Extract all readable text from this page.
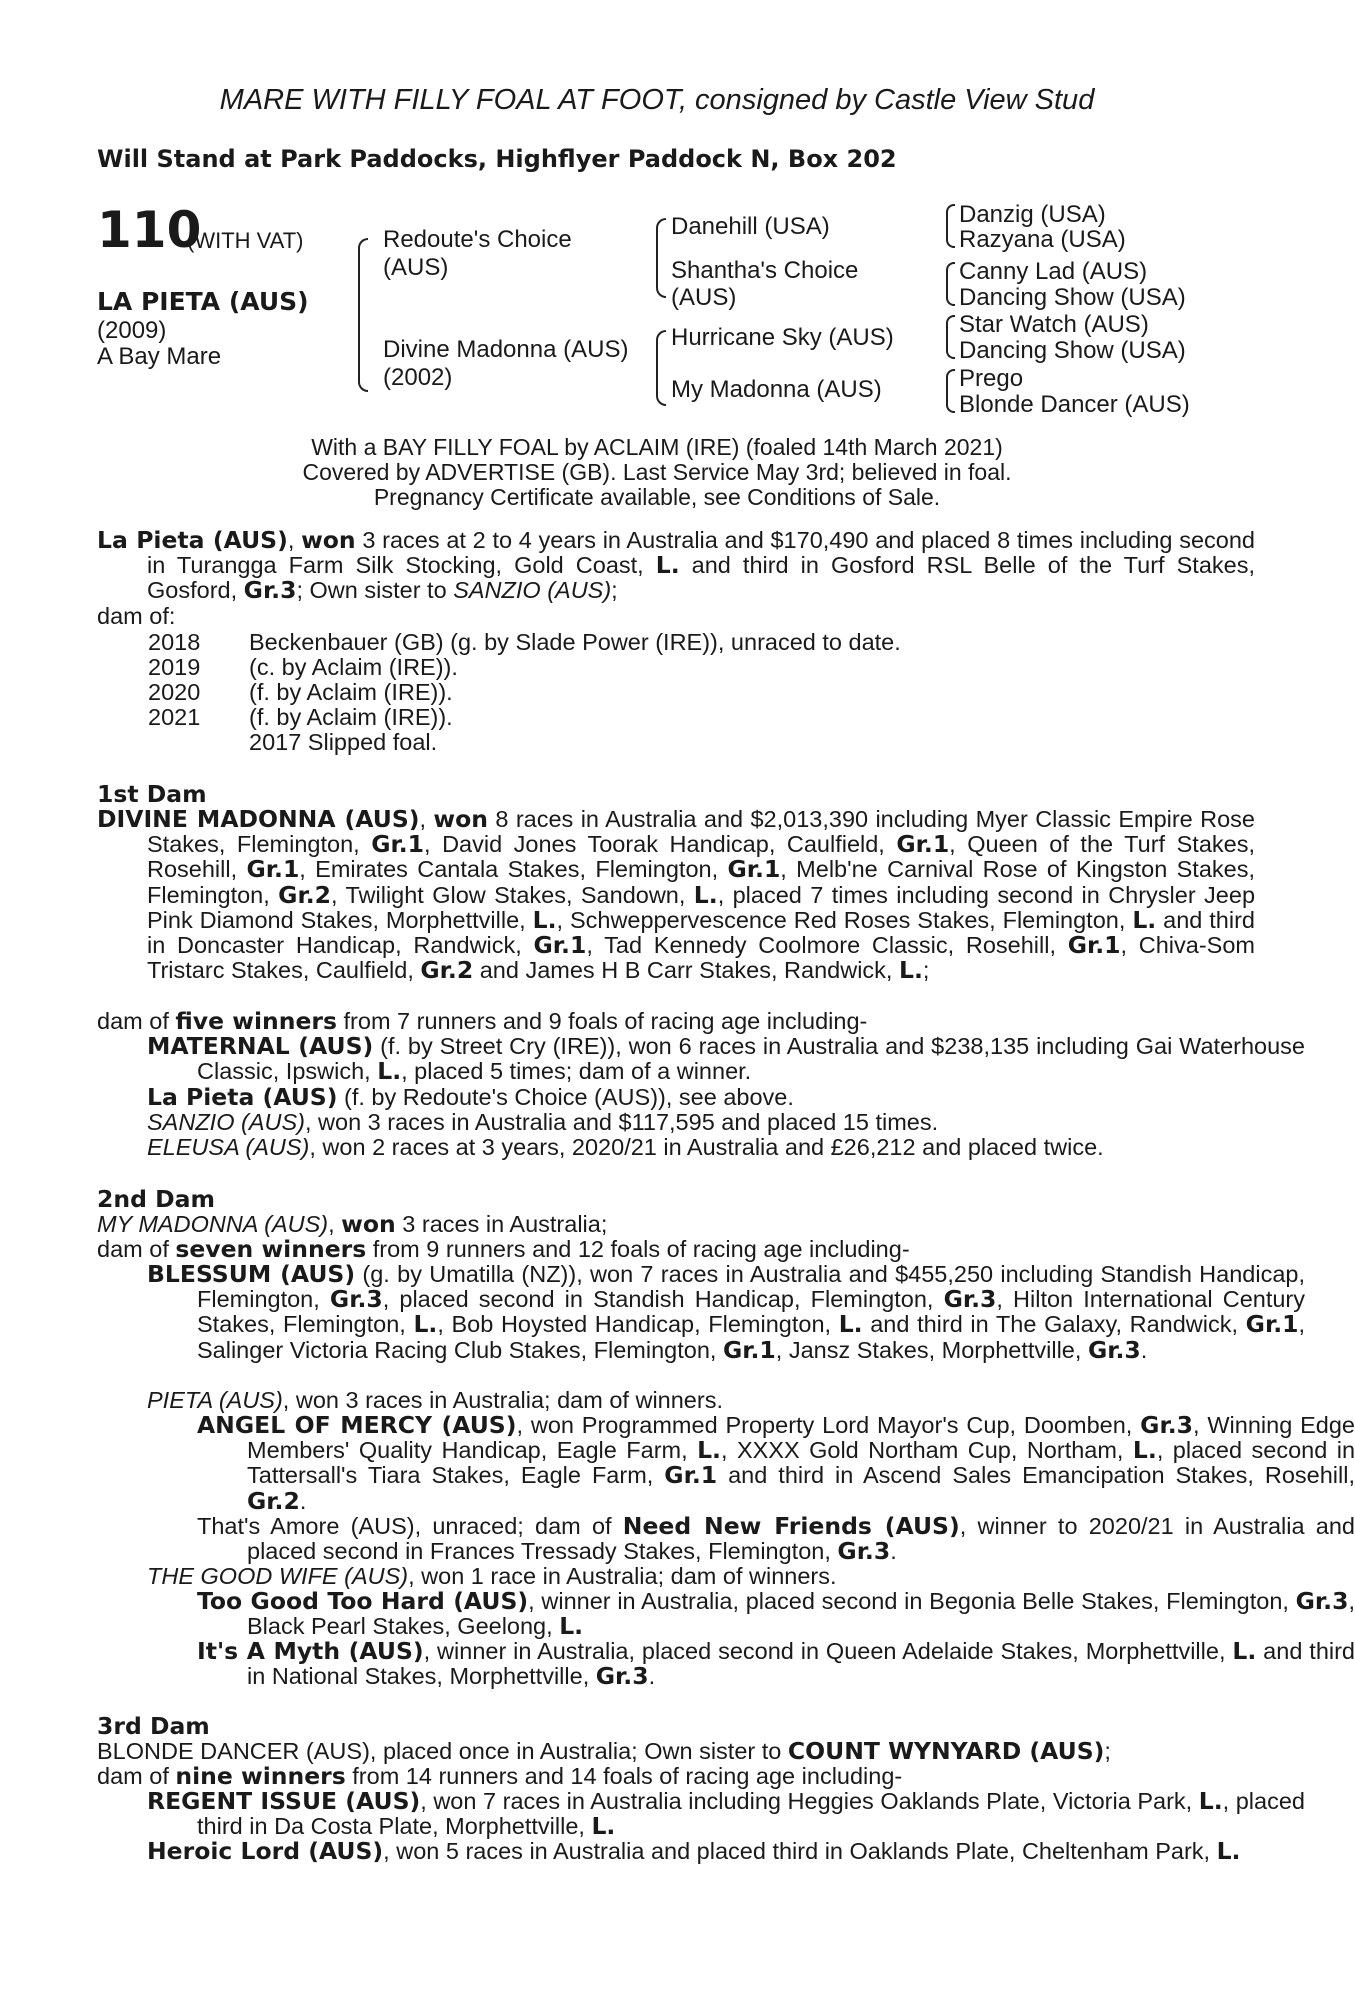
MARE WITH FILLY FOAL AT FOOT, consigned by Castle View Stud
Will Stand at Park Paddocks, Highflyer Paddock N, Box 202
110
(WITH VAT)
LA PIETA (AUS)
(2009)
A Bay Mare
Redoute's Choice
(AUS)
Divine Madonna (AUS)
(2002)
Danehill (USA)
Shantha's Choice
(AUS)
Hurricane Sky (AUS)
My Madonna (AUS)
Danzig (USA)
Razyana (USA)
Canny Lad (AUS)
Dancing Show (USA)
Star Watch (AUS)
Dancing Show (USA)
Prego
Blonde Dancer (AUS)
With a BAY FILLY FOAL by ACLAIM (IRE) (foaled 14th March 2021)
Covered by ADVERTISE (GB). Last Service May 3rd; believed in foal.
Pregnancy Certificate available, see Conditions of Sale.
La Pieta (AUS), won 3 races at 2 to 4 years in Australia and $170,490 and placed 8 times including second in Turangga Farm Silk Stocking, Gold Coast, L. and third in Gosford RSL Belle of the Turf Stakes, Gosford, Gr.3; Own sister to SANZIO (AUS);
dam of:
2018 Beckenbauer (GB) (g. by Slade Power (IRE)), unraced to date.
2019 (c. by Aclaim (IRE)).
2020 (f. by Aclaim (IRE)).
2021 (f. by Aclaim (IRE)).
2017 Slipped foal.
1st Dam
DIVINE MADONNA (AUS), won 8 races in Australia and $2,013,390 including Myer Classic Empire Rose Stakes, Flemington, Gr.1, David Jones Toorak Handicap, Caulfield, Gr.1, Queen of the Turf Stakes, Rosehill, Gr.1, Emirates Cantala Stakes, Flemington, Gr.1, Melb'ne Carnival Rose of Kingston Stakes, Flemington, Gr.2, Twilight Glow Stakes, Sandown, L., placed 7 times including second in Chrysler Jeep Pink Diamond Stakes, Morphettville, L., Schweppervescence Red Roses Stakes, Flemington, L. and third in Doncaster Handicap, Randwick, Gr.1, Tad Kennedy Coolmore Classic, Rosehill, Gr.1, Chiva-Som Tristarc Stakes, Caulfield, Gr.2 and James H B Carr Stakes, Randwick, L.;
dam of five winners from 7 runners and 9 foals of racing age including-
MATERNAL (AUS) (f. by Street Cry (IRE)), won 6 races in Australia and $238,135 including Gai Waterhouse Classic, Ipswich, L., placed 5 times; dam of a winner.
La Pieta (AUS) (f. by Redoute's Choice (AUS)), see above.
SANZIO (AUS), won 3 races in Australia and $117,595 and placed 15 times.
ELEUSA (AUS), won 2 races at 3 years, 2020/21 in Australia and £26,212 and placed twice.
2nd Dam
MY MADONNA (AUS), won 3 races in Australia;
dam of seven winners from 9 runners and 12 foals of racing age including-
BLESSUM (AUS) (g. by Umatilla (NZ)), won 7 races in Australia and $455,250 including Standish Handicap, Flemington, Gr.3, placed second in Standish Handicap, Flemington, Gr.3, Hilton International Century Stakes, Flemington, L., Bob Hoysted Handicap, Flemington, L. and third in The Galaxy, Randwick, Gr.1, Salinger Victoria Racing Club Stakes, Flemington, Gr.1, Jansz Stakes, Morphettville, Gr.3.
PIETA (AUS), won 3 races in Australia; dam of winners.
ANGEL OF MERCY (AUS), won Programmed Property Lord Mayor's Cup, Doomben, Gr.3, Winning Edge Members' Quality Handicap, Eagle Farm, L., XXXX Gold Northam Cup, Northam, L., placed second in Tattersall's Tiara Stakes, Eagle Farm, Gr.1 and third in Ascend Sales Emancipation Stakes, Rosehill, Gr.2.
That's Amore (AUS), unraced; dam of Need New Friends (AUS), winner to 2020/21 in Australia and placed second in Frances Tressady Stakes, Flemington, Gr.3.
THE GOOD WIFE (AUS), won 1 race in Australia; dam of winners.
Too Good Too Hard (AUS), winner in Australia, placed second in Begonia Belle Stakes, Flemington, Gr.3, Black Pearl Stakes, Geelong, L.
It's A Myth (AUS), winner in Australia, placed second in Queen Adelaide Stakes, Morphettville, L. and third in National Stakes, Morphettville, Gr.3.
3rd Dam
BLONDE DANCER (AUS), placed once in Australia; Own sister to COUNT WYNYARD (AUS);
dam of nine winners from 14 runners and 14 foals of racing age including-
REGENT ISSUE (AUS), won 7 races in Australia including Heggies Oaklands Plate, Victoria Park, L., placed third in Da Costa Plate, Morphettville, L.
Heroic Lord (AUS), won 5 races in Australia and placed third in Oaklands Plate, Cheltenham Park, L.
